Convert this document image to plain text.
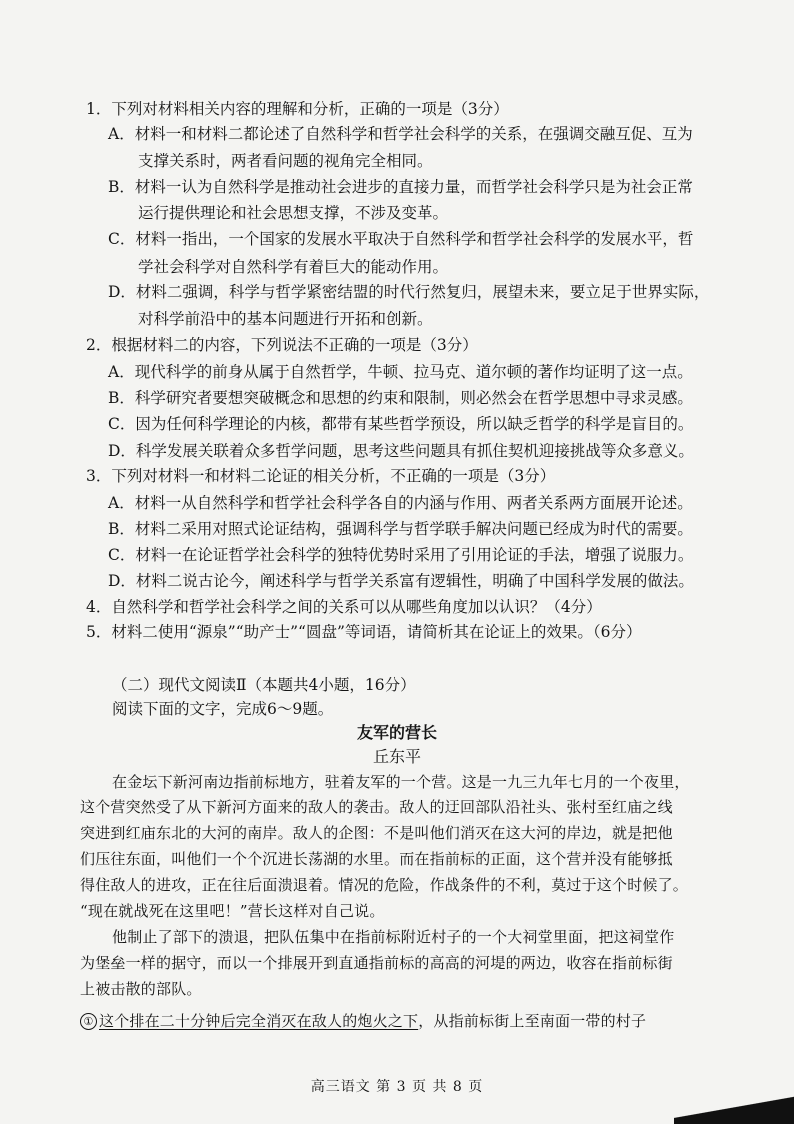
1．下列对材料相关内容的理解和分析，正确的一项是（3分）
A．材料一和材料二都论述了自然科学和哲学社会科学的关系，在强调交融互促、互为
支撑关系时，两者看问题的视角完全相同。
B．材料一认为自然科学是推动社会进步的直接力量，而哲学社会科学只是为社会正常
运行提供理论和社会思想支撑，不涉及变革。
C．材料一指出，一个国家的发展水平取决于自然科学和哲学社会科学的发展水平，哲
学社会科学对自然科学有着巨大的能动作用。
D．材料二强调，科学与哲学紧密结盟的时代行然复归，展望未来，要立足于世界实际，
对科学前沿中的基本问题进行开拓和创新。
2．根据材料二的内容，下列说法不正确的一项是（3分）
A．现代科学的前身从属于自然哲学，牛顿、拉马克、道尔顿的著作均证明了这一点。
B．科学研究者要想突破概念和思想的约束和限制，则必然会在哲学思想中寻求灵感。
C．因为任何科学理论的内核，都带有某些哲学预设，所以缺乏哲学的科学是盲目的。
D．科学发展关联着众多哲学问题，思考这些问题具有抓住契机迎接挑战等众多意义。
3．下列对材料一和材料二论证的相关分析，不正确的一项是（3分）
A．材料一从自然科学和哲学社会科学各自的内涵与作用、两者关系两方面展开论述。
B．材料二采用对照式论证结构，强调科学与哲学联手解决问题已经成为时代的需要。
C．材料一在论证哲学社会科学的独特优势时采用了引用论证的手法，增强了说服力。
D．材料二说古论今，阐述科学与哲学关系富有逻辑性，明确了中国科学发展的做法。
4．自然科学和哲学社会科学之间的关系可以从哪些角度加以认识？（4分）
5．材料二使用“源泉”“助产士”“圆盘”等词语，请简析其在论证上的效果。（6分）
（二）现代文阅读Ⅱ（本题共4小题，16分）
阅读下面的文字，完成6～9题。
友军的营长
丘东平
在金坛下新河南边指前标地方，驻着友军的一个营。这是一九三九年七月的一个夜里，
这个营突然受了从下新河方面来的敌人的袭击。敌人的迂回部队沿社头、张村至红庙之线
突进到红庙东北的大河的南岸。敌人的企图：不是叫他们消灭在这大河的岸边，就是把他
们压往东面，叫他们一个个沉进长荡湖的水里。而在指前标的正面，这个营并没有能够抵
得住敌人的进攻，正在往后面溃退着。情况的危险，作战条件的不利，莫过于这个时候了。
“现在就战死在这里吧！”营长这样对自己说。
他制止了部下的溃退，把队伍集中在指前标附近村子的一个大祠堂里面，把这祠堂作
为堡垒一样的据守，而以一个排展开到直通指前标的高高的河堤的两边，收容在指前标街
上被击散的部队。
① 这个排在二十分钟后完全消灭在敌人的炮火之下，从指前标街上至南面一带的村子
高三语文 第 3 页 共 8 页
